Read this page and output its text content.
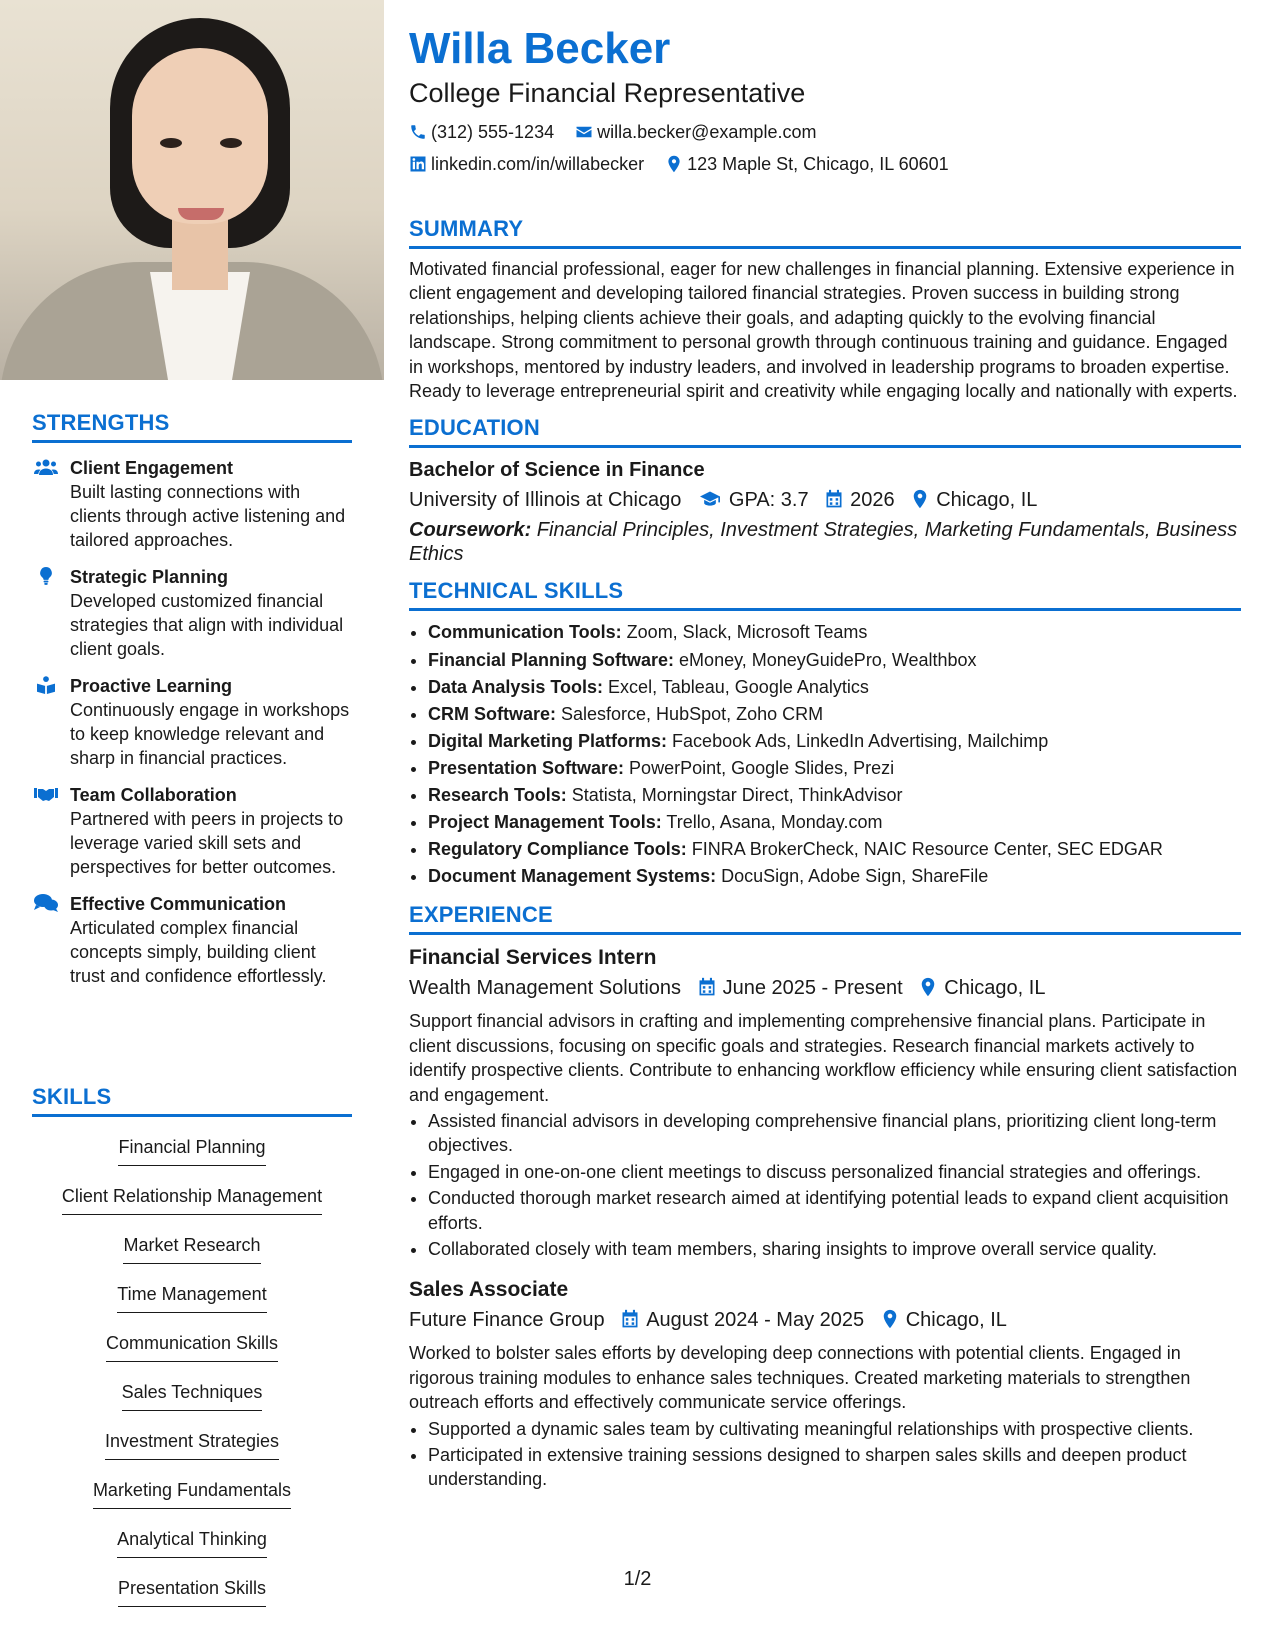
STRENGTHS
Client Engagement
Built lasting connections with clients through active listening and tailored approaches.
Strategic Planning
Developed customized financial strategies that align with individual client goals.
Proactive Learning
Continuously engage in workshops to keep knowledge relevant and sharp in financial practices.
Team Collaboration
Partnered with peers in projects to leverage varied skill sets and perspectives for better outcomes.
Effective Communication
Articulated complex financial concepts simply, building client trust and confidence effortlessly.
SKILLS
Financial Planning
Client Relationship Management
Market Research
Time Management
Communication Skills
Sales Techniques
Investment Strategies
Marketing Fundamentals
Analytical Thinking
Presentation Skills
Willa Becker
College Financial Representative
(312) 555-1234 willa.becker@example.com
linkedin.com/in/willabecker 123 Maple St, Chicago, IL 60601
SUMMARY

Motivated financial professional, eager for new challenges in financial planning. Extensive experience in client engagement and developing tailored financial strategies. Proven success in building strong relationships, helping clients achieve their goals, and adapting quickly to the evolving financial landscape. Strong commitment to personal growth through continuous training and guidance. Engaged in workshops, mentored by industry leaders, and involved in leadership programs to broaden expertise. Ready to leverage entrepreneurial spirit and creativity while engaging locally and nationally with experts.

EDUCATION
Bachelor of Science in Finance
University of Illinois at Chicago GPA: 3.7 2026 Chicago, IL

Coursework: Financial Principles, Investment Strategies, Marketing Fundamentals, Business Ethics

TECHNICAL SKILLS
• Communication Tools: Zoom, Slack, Microsoft Teams
• Financial Planning Software: eMoney, MoneyGuidePro, Wealthbox
• Data Analysis Tools: Excel, Tableau, Google Analytics
• CRM Software: Salesforce, HubSpot, Zoho CRM
• Digital Marketing Platforms: Facebook Ads, LinkedIn Advertising, Mailchimp
• Presentation Software: PowerPoint, Google Slides, Prezi
• Research Tools: Statista, Morningstar Direct, ThinkAdvisor
• Project Management Tools: Trello, Asana, Monday.com
• Regulatory Compliance Tools: FINRA BrokerCheck, NAIC Resource Center, SEC EDGAR
• Document Management Systems: DocuSign, Adobe Sign, ShareFile
EXPERIENCE
Financial Services Intern
Wealth Management Solutions June 2025 - Present Chicago, IL

Support financial advisors in crafting and implementing comprehensive financial plans. Participate in client discussions, focusing on specific goals and strategies. Research financial markets actively to identify prospective clients. Contribute to enhancing workflow efficiency while ensuring client satisfaction and engagement.

• Assisted financial advisors in developing comprehensive financial plans, prioritizing client long-term objectives.
• Engaged in one-on-one client meetings to discuss personalized financial strategies and offerings.
• Conducted thorough market research aimed at identifying potential leads to expand client acquisition efforts.
• Collaborated closely with team members, sharing insights to improve overall service quality.
Sales Associate
Future Finance Group August 2024 - May 2025 Chicago, IL

Worked to bolster sales efforts by developing deep connections with potential clients. Engaged in rigorous training modules to enhance sales techniques. Created marketing materials to strengthen outreach efforts and effectively communicate service offerings.

• Supported a dynamic sales team by cultivating meaningful relationships with prospective clients.
• Participated in extensive training sessions designed to sharpen sales skills and deepen product understanding.
1/2
